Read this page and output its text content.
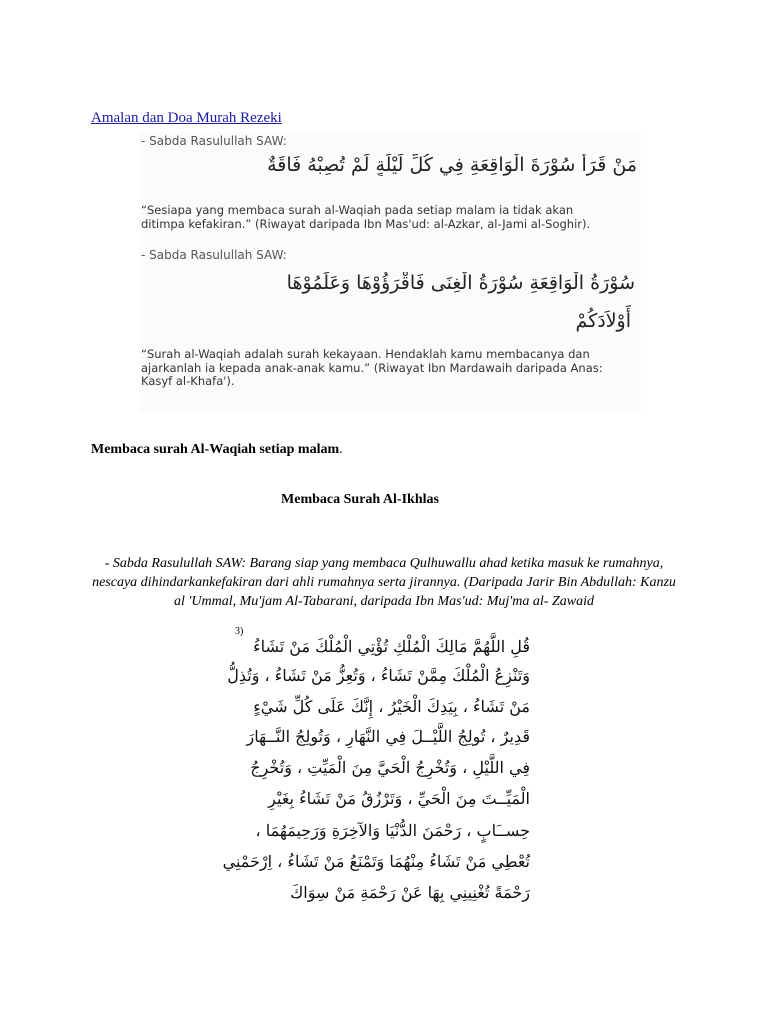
Amalan dan Doa Murah Rezeki
- Sabda Rasulullah SAW:
مَنْ قَرَأَ سُوْرَةَ الْوَاقِعَةِ فِي كُلِّ لَيْلَةٍ لَمْ تُصِبْهُ فَاقَةٌ
“Sesiapa yang membaca surah al-Waqiah pada setiap malam ia tidak akan ditimpa kefakiran.” (Riwayat daripada Ibn Mas'ud: al-Azkar, al-Jami al-Soghir).
- Sabda Rasulullah SAW:
سُوْرَةُ الْوَاقِعَةِ سُوْرَةُ الْغِنَى فَاقْرَؤُوْهَا وَعَلِّمُوْهَا
أَوْلاَدَكُمْ
“Surah al-Waqiah adalah surah kekayaan. Hendaklah kamu membacanya dan ajarkanlah ia kepada anak-anak kamu.” (Riwayat Ibn Mardawaih daripada Anas: Kasyf al-Khafa').
Membaca surah Al-Waqiah setiap malam.
Membaca Surah Al-Ikhlas
- Sabda Rasulullah SAW: Barang siap yang membaca Qulhuwallu ahad ketika masuk ke rumahnya, nescaya dihindarkankefakiran dari ahli rumahnya serta jirannya. (Daripada Jarir Bin Abdullah: Kanzu al 'Ummal, Mu'jam Al-Tabarani, daripada Ibn Mas'ud: Muj'ma al- Zawaid
3)
قُلِ اللَّهُمَّ مَالِكَ الْمُلْكِ تُؤْتِي الْمُلْكَ مَنْ تَشَاءُ
وَتَنْزِعُ الْمُلْكَ مِمَّنْ تَشَاءُ ، وَتُعِزُّ مَنْ تَشَاءُ ، وَتُذِلُّ
مَنْ تَشَاءُ ، بِيَدِكَ الْخَيْرُ ، إِنَّكَ عَلَى كُلِّ شَيْءٍ
قَدِيرٌ ، تُولِجُ اللَّيْــلَ فِي النَّهَارِ ، وَتُولِجُ النَّــهَارَ
فِي اللَّيْلِ ، وَتُخْرِجُ الْحَيَّ مِنَ الْمَيِّتِ ، وَتُخْرِجُ
الْمَيِّــتَ مِنَ الْحَيِّ ، وَتَرْزُقُ مَنْ تَشَاءُ بِغَيْرِ
حِســَابٍ ، رَحْمَنَ الدُّنْيَا وَالآخِرَةِ وَرَحِيمَهُمَا ،
تُعْطِي مَنْ تَشَاءُ مِنْهُمَا وَتَمْنَعُ مَنْ تَشَاءُ ، اِرْحَمْنِي
رَحْمَةً تُغْنِينِي بِهَا عَنْ رَحْمَةِ مَنْ سِوَاكَ
